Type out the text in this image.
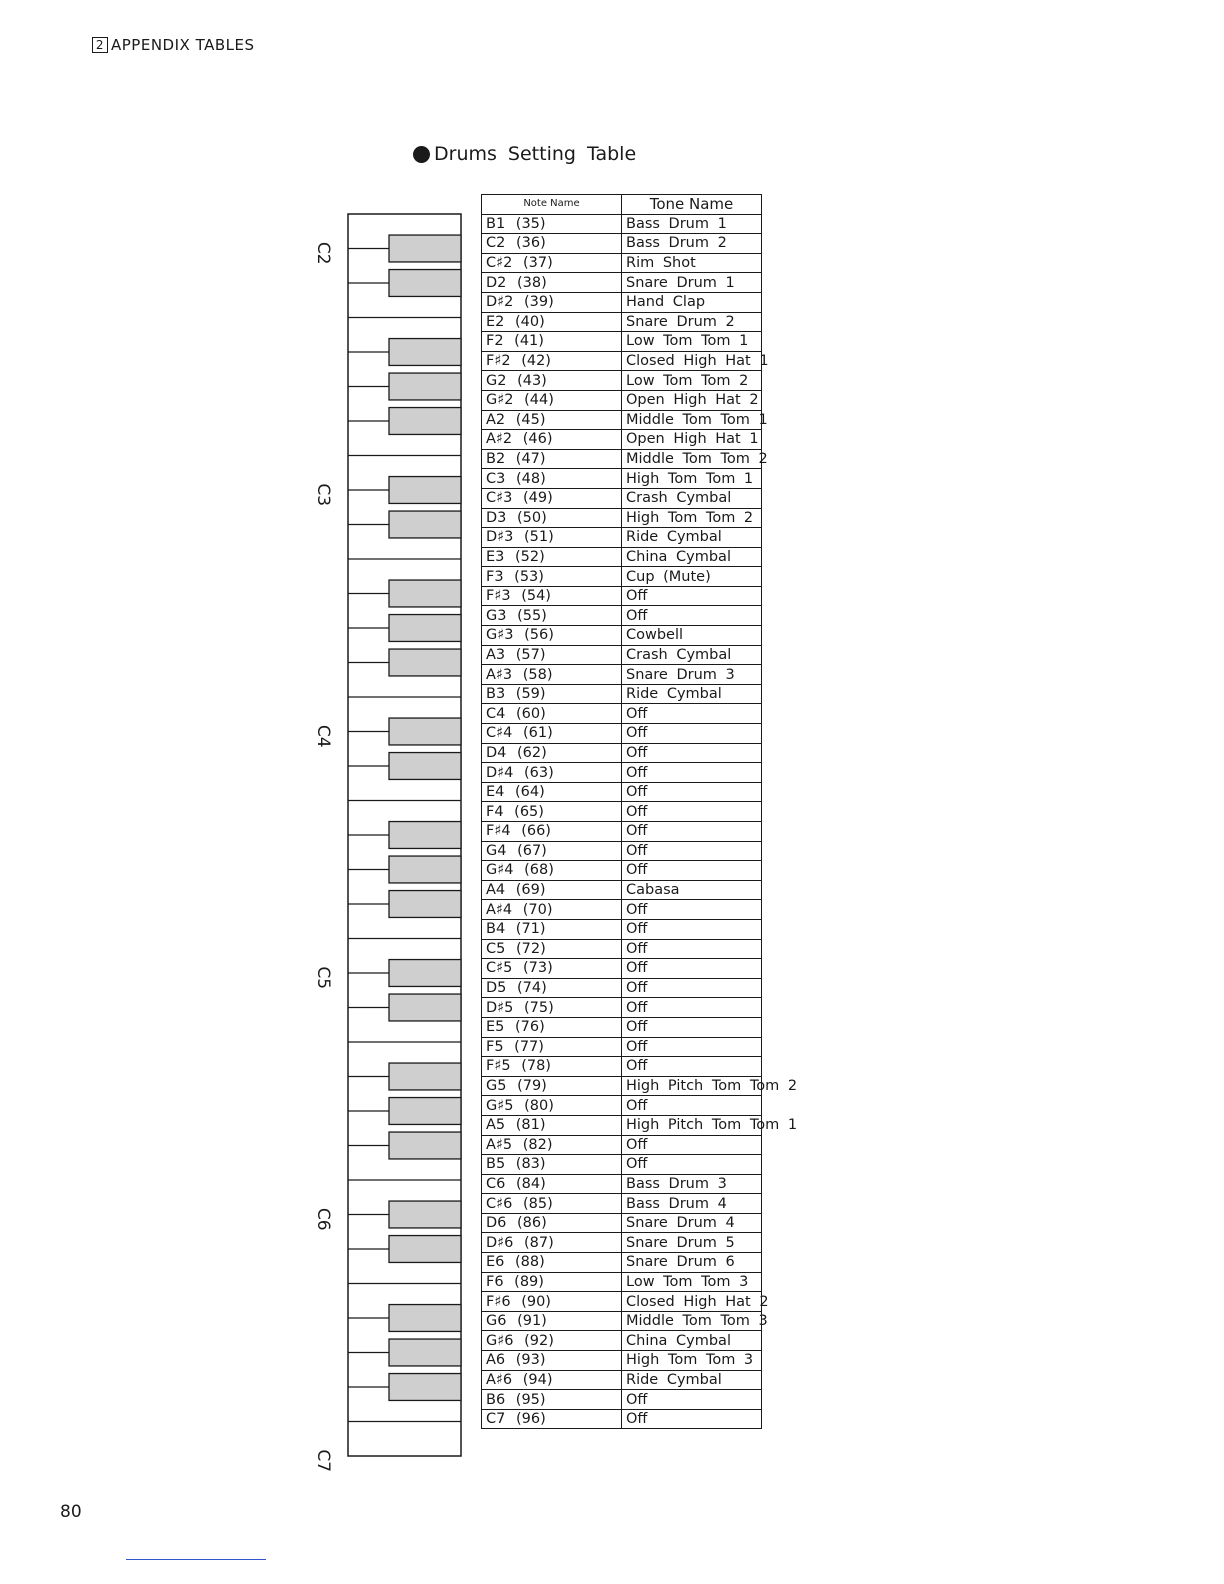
2 APPENDIX TABLES
Drums Setting Table
C2
C3
C4
C5
C6
C7
Note Name	Tone Name
B1 (35)	Bass Drum 1
C2 (36)	Bass Drum 2
C♯2 (37)	Rim Shot
D2 (38)	Snare Drum 1
D♯2 (39)	Hand Clap
E2 (40)	Snare Drum 2
F2 (41)	Low Tom Tom 1
F♯2 (42)	Closed High Hat 1
G2 (43)	Low Tom Tom 2
G♯2 (44)	Open High Hat 2
A2 (45)	Middle Tom Tom 1
A♯2 (46)	Open High Hat 1
B2 (47)	Middle Tom Tom 2
C3 (48)	High Tom Tom 1
C♯3 (49)	Crash Cymbal
D3 (50)	High Tom Tom 2
D♯3 (51)	Ride Cymbal
E3 (52)	China Cymbal
F3 (53)	Cup (Mute)
F♯3 (54)	Off
G3 (55)	Off
G♯3 (56)	Cowbell
A3 (57)	Crash Cymbal
A♯3 (58)	Snare Drum 3
B3 (59)	Ride Cymbal
C4 (60)	Off
C♯4 (61)	Off
D4 (62)	Off
D♯4 (63)	Off
E4 (64)	Off
F4 (65)	Off
F♯4 (66)	Off
G4 (67)	Off
G♯4 (68)	Off
A4 (69)	Cabasa
A♯4 (70)	Off
B4 (71)	Off
C5 (72)	Off
C♯5 (73)	Off
D5 (74)	Off
D♯5 (75)	Off
E5 (76)	Off
F5 (77)	Off
F♯5 (78)	Off
G5 (79)	High Pitch Tom Tom 2
G♯5 (80)	Off
A5 (81)	High Pitch Tom Tom 1
A♯5 (82)	Off
B5 (83)	Off
C6 (84)	Bass Drum 3
C♯6 (85)	Bass Drum 4
D6 (86)	Snare Drum 4
D♯6 (87)	Snare Drum 5
E6 (88)	Snare Drum 6
F6 (89)	Low Tom Tom 3
F♯6 (90)	Closed High Hat 2
G6 (91)	Middle Tom Tom 3
G♯6 (92)	China Cymbal
A6 (93)	High Tom Tom 3
A♯6 (94)	Ride Cymbal
B6 (95)	Off
C7 (96)	Off
80
